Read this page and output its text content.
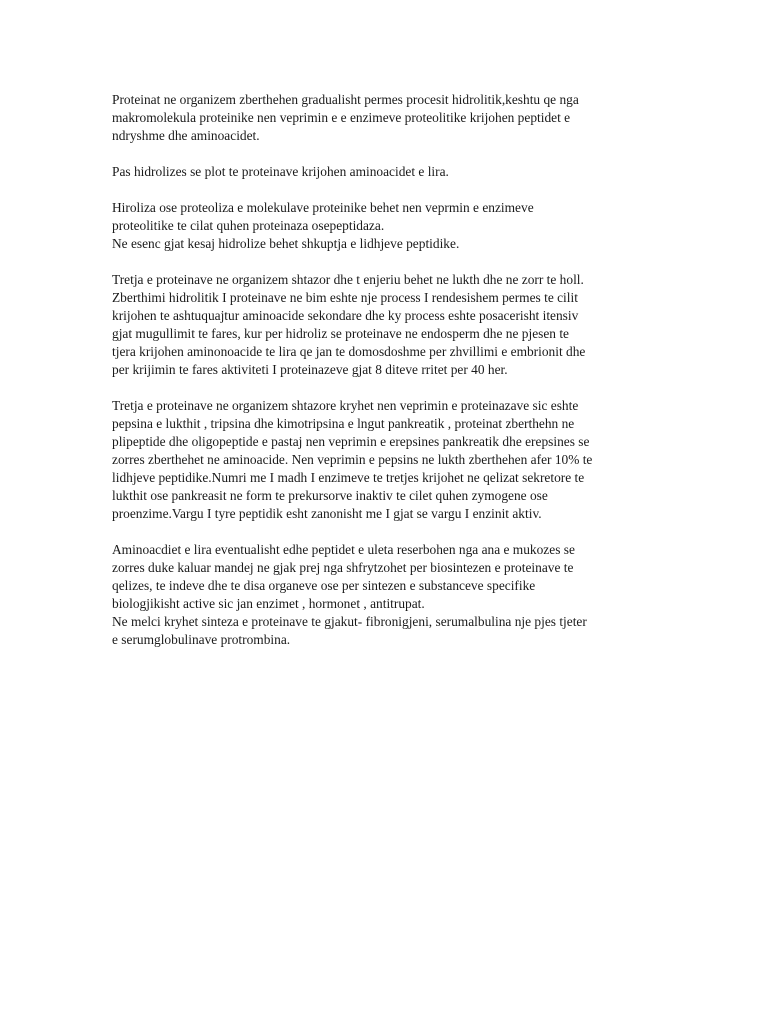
Proteinat ne organizem zberthehen gradualisht permes procesit hidrolitik,keshtu qe nga
makromolekula proteinike nen veprimin e e enzimeve proteolitike krijohen peptidet e
ndryshme dhe aminoacidet.

Pas hidrolizes se plot te proteinave krijohen aminoacidet e lira.

Hiroliza ose proteoliza e molekulave proteinike behet nen veprmin e enzimeve
proteolitike te cilat quhen proteinaza osepeptidaza.
Ne esenc gjat kesaj hidrolize behet shkuptja e lidhjeve peptidike.

Tretja e proteinave ne organizem shtazor dhe t enjeriu behet ne lukth dhe ne zorr te holl.
Zberthimi hidrolitik I proteinave ne bim eshte nje process I rendesishem permes te cilit
krijohen te ashtuquajtur aminoacide sekondare dhe ky process eshte posacerisht itensiv
gjat mugullimit te fares, kur per hidroliz se proteinave ne endosperm dhe ne pjesen te
tjera krijohen aminonoacide te lira qe jan te domosdoshme per zhvillimi e embrionit dhe
per krijimin te fares aktiviteti I proteinazeve gjat 8 diteve rritet per 40 her.

Tretja e proteinave ne organizem shtazore kryhet nen veprimin e proteinazave sic eshte
pepsina e lukthit , tripsina dhe kimotripsina e lngut pankreatik , proteinat zberthehn ne
plipeptide dhe oligopeptide e pastaj nen veprimin e erepsines pankreatik dhe erepsines se
zorres zberthehet ne aminoacide. Nen veprimin e pepsins ne lukth zberthehen afer 10% te
lidhjeve peptidike.Numri me I madh I enzimeve te tretjes krijohet ne qelizat sekretore te
lukthit ose pankreasit ne form te prekursorve inaktiv te cilet quhen zymogene ose
proenzime.Vargu I tyre peptidik esht zanonisht me I gjat se vargu I enzinit aktiv.

Aminoacdiet e lira eventualisht edhe peptidet e uleta reserbohen nga ana e mukozes se
zorres duke kaluar mandej ne gjak prej nga shfrytzohet per biosintezen e proteinave te
qelizes, te indeve dhe te disa organeve ose per sintezen e substanceve specifike
biologjikisht active sic jan enzimet , hormonet , antitrupat.
Ne melci kryhet sinteza e proteinave te gjakut- fibronigjeni, serumalbulina nje pjes tjeter
e serumglobulinave protrombina.
